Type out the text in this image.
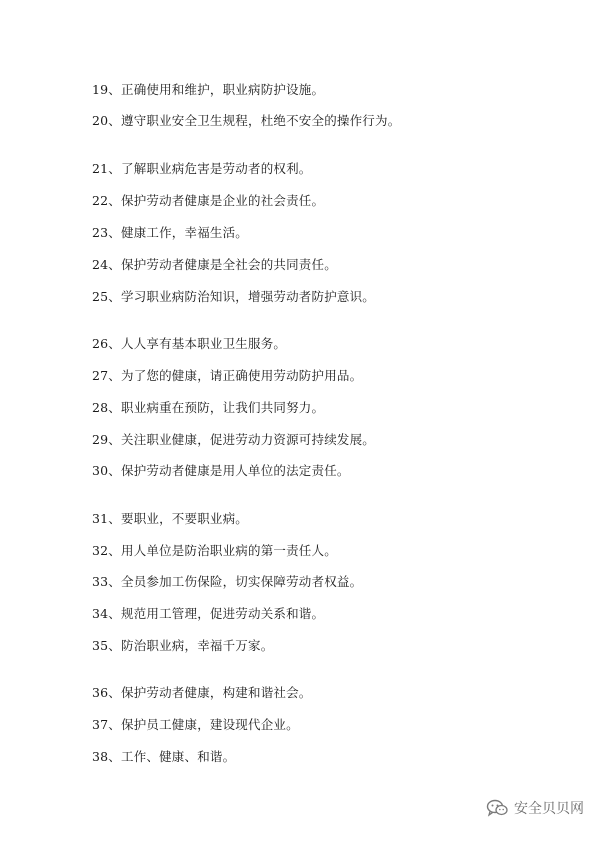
19、正确使用和维护，职业病防护设施。
20、遵守职业安全卫生规程，杜绝不安全的操作行为。
21、了解职业病危害是劳动者的权利。
22、保护劳动者健康是企业的社会责任。
23、健康工作，幸福生活。
24、保护劳动者健康是全社会的共同责任。
25、学习职业病防治知识，增强劳动者防护意识。
26、人人享有基本职业卫生服务。
27、为了您的健康，请正确使用劳动防护用品。
28、职业病重在预防，让我们共同努力。
29、关注职业健康，促进劳动力资源可持续发展。
30、保护劳动者健康是用人单位的法定责任。
31、要职业，不要职业病。
32、用人单位是防治职业病的第一责任人。
33、全员参加工伤保险，切实保障劳动者权益。
34、规范用工管理，促进劳动关系和谐。
35、防治职业病，幸福千万家。
36、保护劳动者健康，构建和谐社会。
37、保护员工健康，建设现代企业。
38、工作、健康、和谐。
安全贝贝网
